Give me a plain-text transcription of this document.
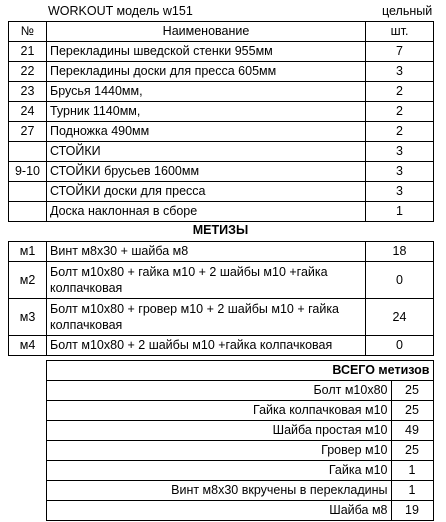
WORKOUT модель w151	цельный
№	Наименование	шт.
21	Перекладины шведской стенки 955мм	7
22	Перекладины доски для пресса 605мм	3
23	Брусья 1440мм,	2
24	Турник 1140мм,	2
27	Подножка 490мм	2
	СТОЙКИ	3
9-10	СТОЙКИ брусьев 1600мм	3
	СТОЙКИ доски для пресса	3
	Доска наклонная в сборе	1
МЕТИЗЫ
м1	Винт м8х30 + шайба м8	18
м2	Болт м10х80 + гайка м10 + 2 шайбы м10 +гайка колпачковая	0
м3	Болт м10х80 + гровер м10 + 2 шайбы м10 + гайка колпачковая	24
м4	Болт м10х80 + 2 шайбы м10 +гайка колпачковая	0
	ВСЕГО метизов	
	Болт м10х80	25
	Гайка колпачковая м10	25
	Шайба простая м10	49
	Гровер м10	25
	Гайка м10	1
	Винт м8х30 вкручены в перекладины	1
	Шайба м8	19
